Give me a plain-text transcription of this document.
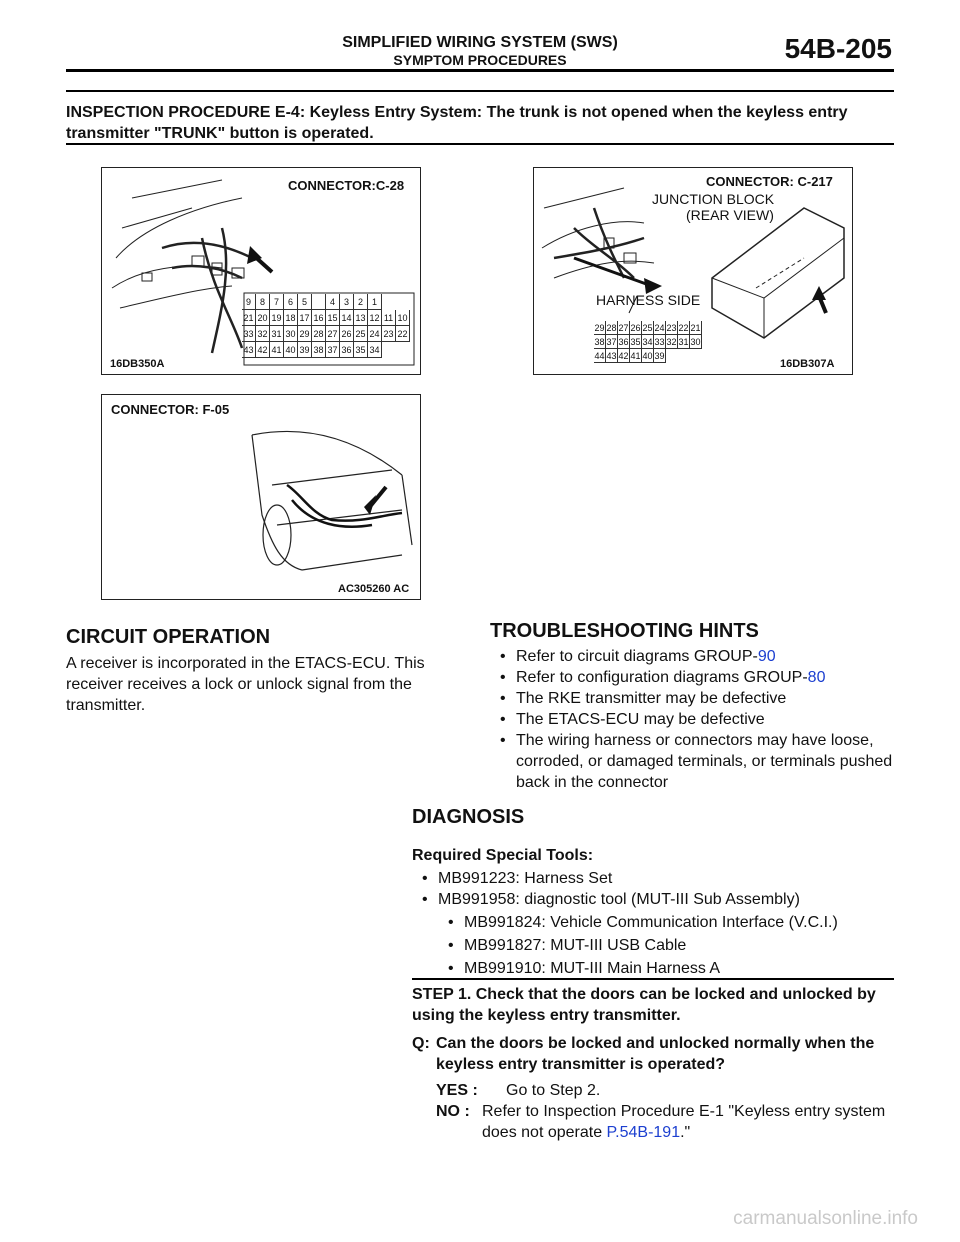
SIMPLIFIED WIRING SYSTEM (SWS)
SYMPTOM PROCEDURES	54B-205
INSPECTION PROCEDURE E-4: Keyless Entry System: The trunk is not opened when the keyless entry transmitter "TRUNK" button is operated.
CONNECTOR:C-28
16DB350A
9 8 7 6 5	4 3 2 1
21 20 19 18 17 16 15 14 13 12 11 10
33 32 31 30 29 28 27 26 25 24 23 22
43 42 41 40 39 38 37 36 35 34
CONNECTOR: C-217
JUNCTION BLOCK
(REAR VIEW)
HARNESS SIDE
16DB307A
29 28 27 26 25 24 23 22 21
38 37 36 35 34 33 32 31 30
44 43 42 41 40 39
CONNECTOR: F-05
AC305260 AC
CIRCUIT OPERATION
A receiver is incorporated in the ETACS-ECU. This receiver receives a lock or unlock signal from the transmitter.
TROUBLESHOOTING HINTS
• Refer to circuit diagrams GROUP-90
• Refer to configuration diagrams GROUP-80
• The RKE transmitter may be defective
• The ETACS-ECU may be defective
• The wiring harness or connectors may have loose, corroded, or damaged terminals, or terminals pushed back in the connector
DIAGNOSIS
Required Special Tools:
• MB991223: Harness Set
• MB991958: diagnostic tool (MUT-III Sub Assembly)
• MB991824: Vehicle Communication Interface (V.C.I.)
• MB991827: MUT-III USB Cable
• MB991910: MUT-III Main Harness A
STEP 1. Check that the doors can be locked and unlocked by using the keyless entry transmitter.
Q: Can the doors be locked and unlocked normally when the keyless entry transmitter is operated?
YES : Go to Step 2.
NO : Refer to Inspection Procedure E-1 "Keyless entry system does not operate P.54B-191."
carmanualsonline.info
